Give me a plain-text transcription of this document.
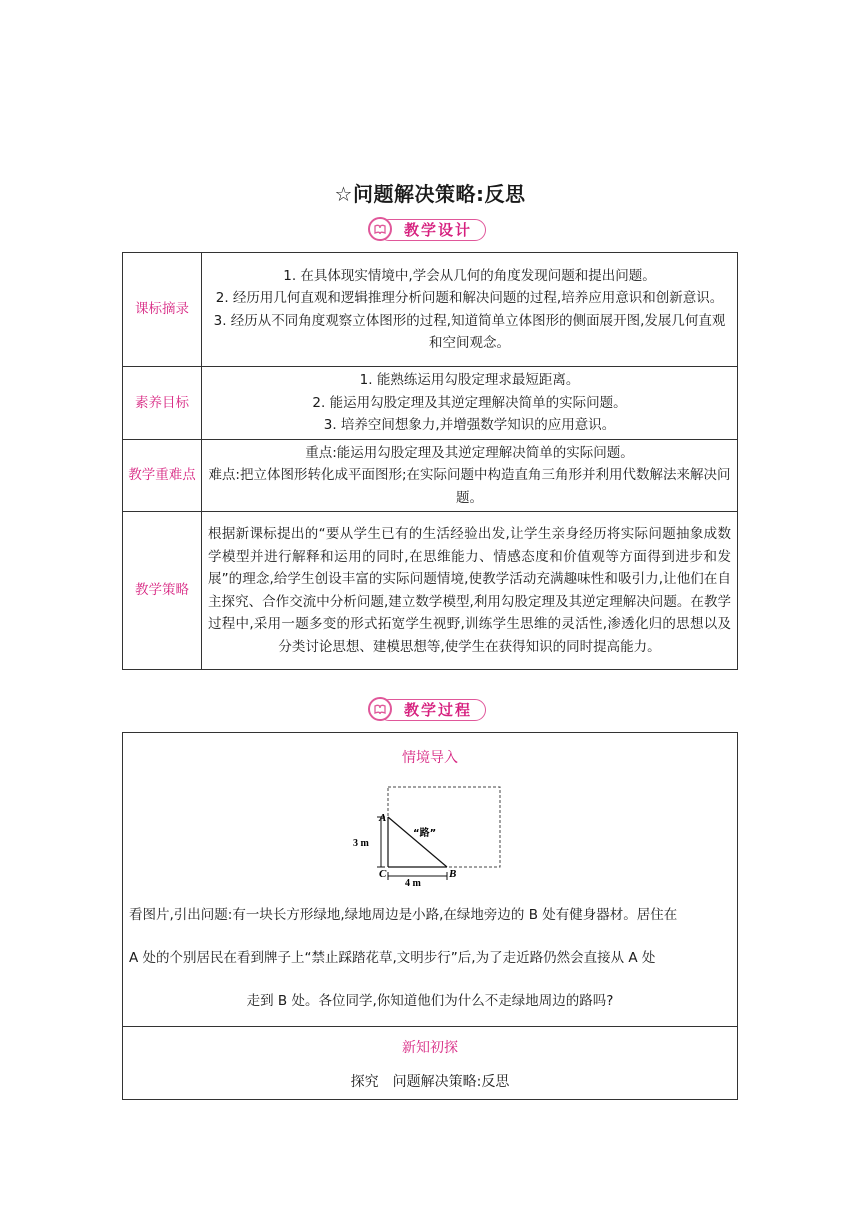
☆问题解决策略:反思
教学设计
课标摘录	1. 在具体现实情境中,学会从几何的角度发现问题和提出问题。
2. 经历用几何直观和逻辑推理分析问题和解决问题的过程,培养应用意识和创新意识。
3. 经历从不同角度观察立体图形的过程,知道简单立体图形的侧面展开图,发展几何直观和空间观念。

素养目标	1. 能熟练运用勾股定理求最短距离。
2. 能运用勾股定理及其逆定理解决简单的实际问题。
3. 培养空间想象力,并增强数学知识的应用意识。

教学重难点	重点:能运用勾股定理及其逆定理解决简单的实际问题。
难点:把立体图形转化成平面图形;在实际问题中构造直角三角形并利用代数解法来解决问题。

教学策略	根据新课标提出的“要从学生已有的生活经验出发,让学生亲身经历将实际问题抽象成数学模型并进行解释和运用的同时,在思维能力、情感态度和价值观等方面得到进步和发展”的理念,给学生创设丰富的实际问题情境,使教学活动充满趣味性和吸引力,让他们在自主探究、合作交流中分析问题,建立数学模型,利用勾股定理及其逆定理解决问题。在教学过程中,采用一题多变的形式拓宽学生视野,训练学生思维的灵活性,渗透化归的思想以及分类讨论思想、建模思想等,使学生在获得知识的同时提高能力。
教学过程
情境导入
A
C	B
3 m
4 m
“路”
看图片,引出问题:有一块长方形绿地,绿地周边是小路,在绿地旁边的 B 处有健身器材。居住在
A 处的个别居民在看到牌子上“禁止踩踏花草,文明步行”后,为了走近路仍然会直接从 A 处
走到 B 处。各位同学,你知道他们为什么不走绿地周边的路吗?
新知初探
探究　问题解决策略:反思
